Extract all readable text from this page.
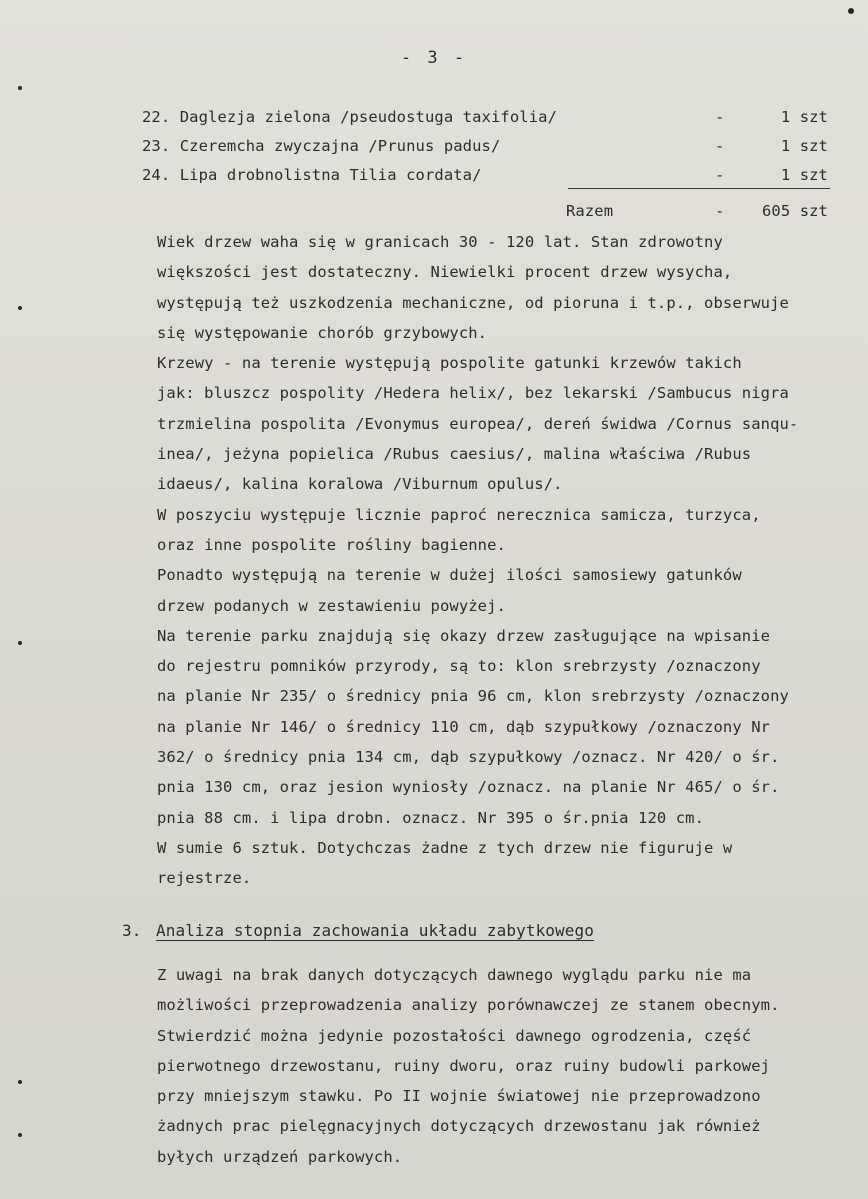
- 3 -
22. Daglezja zielona /pseudostuga taxifolia/	-	1 szt
23. Czeremcha zwyczajna /Prunus padus/	-	1 szt
24. Lipa drobnolistna Tilia cordata/	-	1 szt
Razem	-	605 szt
Wiek drzew waha się w granicach 30 - 120 lat. Stan zdrowotny
większości jest dostateczny. Niewielki procent drzew wysycha,
występują też uszkodzenia mechaniczne, od pioruna i t.p., obserwuje
się występowanie chorób grzybowych.
Krzewy - na terenie występują pospolite gatunki krzewów takich
jak: bluszcz pospolity /Hedera helix/, bez lekarski /Sambucus nigra
trzmielina pospolita /Evonymus europea/, dereń świdwa /Cornus sanqu-
inea/, jeżyna popielica /Rubus caesius/, malina właściwa /Rubus
idaeus/, kalina koralowa /Viburnum opulus/.
W poszyciu występuje licznie paproć nerecznica samicza, turzyca,
oraz inne pospolite rośliny bagienne.
Ponadto występują na terenie w dużej ilości samosiewy gatunków
drzew podanych w zestawieniu powyżej.
Na terenie parku znajdują się okazy drzew zasługujące na wpisanie
do rejestru pomników przyrody, są to: klon srebrzysty /oznaczony
na planie Nr 235/ o średnicy pnia 96 cm, klon srebrzysty /oznaczony
na planie Nr 146/ o średnicy 110 cm, dąb szypułkowy /oznaczony Nr
362/ o średnicy pnia 134 cm, dąb szypułkowy /oznacz. Nr 420/ o śr.
pnia 130 cm, oraz jesion wyniosły /oznacz. na planie Nr 465/ o śr.
pnia 88 cm. i lipa drobn. oznacz. Nr 395 o śr.pnia 120 cm.
W sumie 6 sztuk. Dotychczas żadne z tych drzew nie figuruje w
rejestrze.
3. Analiza stopnia zachowania układu zabytkowego
Z uwagi na brak danych dotyczących dawnego wyglądu parku nie ma
możliwości przeprowadzenia analizy porównawczej ze stanem obecnym.
Stwierdzić można jedynie pozostałości dawnego ogrodzenia, część
pierwotnego drzewostanu, ruiny dworu, oraz ruiny budowli parkowej
przy mniejszym stawku. Po II wojnie światowej nie przeprowadzono
żadnych prac pielęgnacyjnych dotyczących drzewostanu jak również
byłych urządzeń parkowych.
